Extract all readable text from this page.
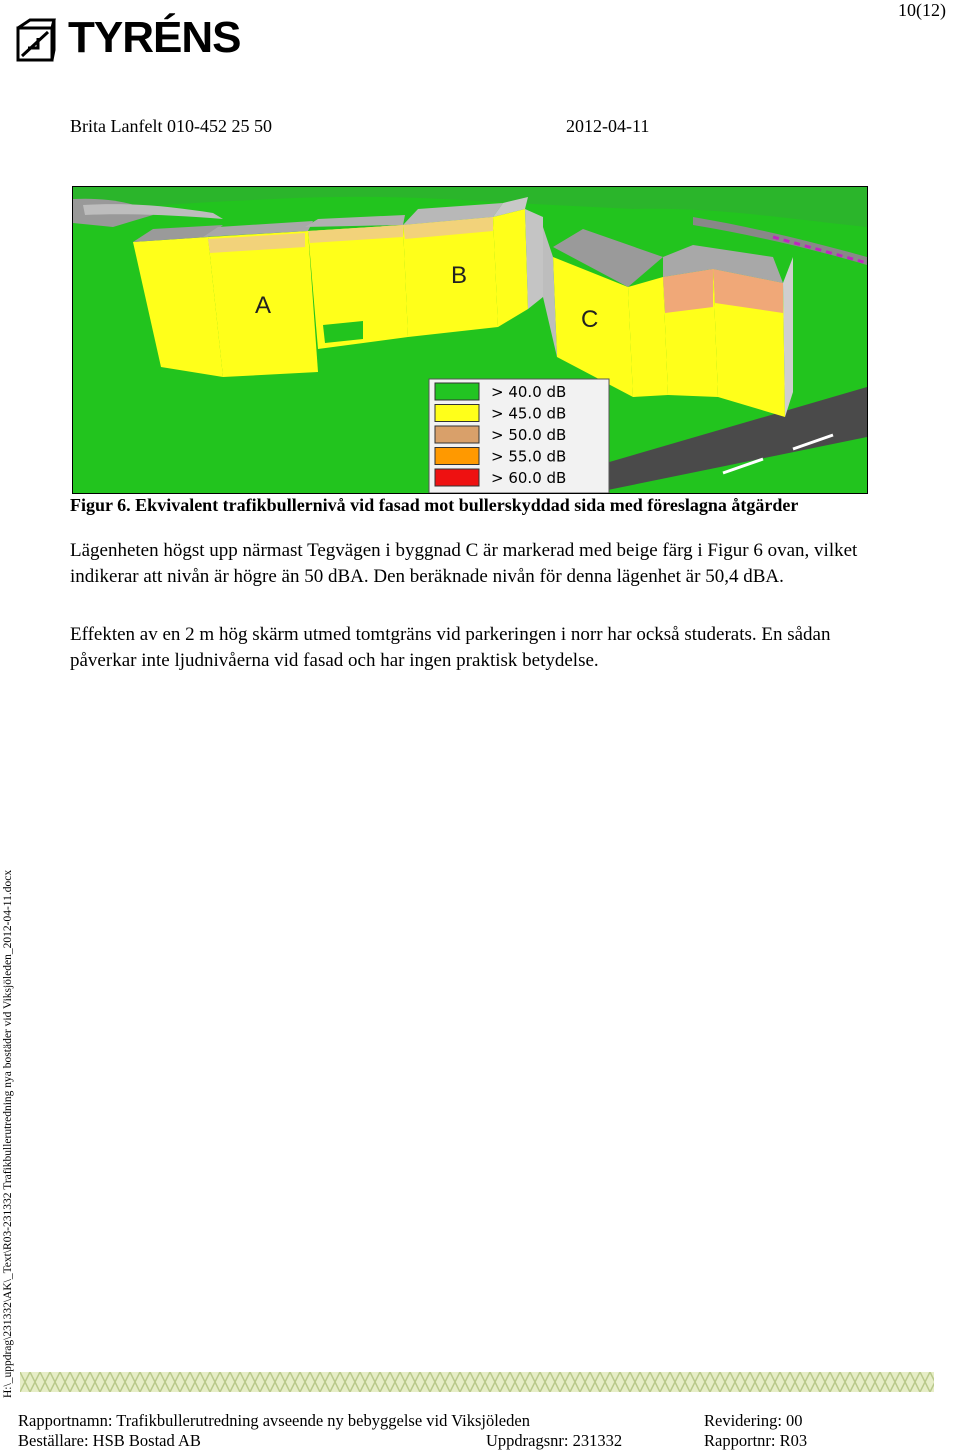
TYRÉNS
10(12)
Brita Lanfelt 010-452 25 50	2012-04-11
A
B
C
> 40.0 dB
> 45.0 dB
> 50.0 dB
> 55.0 dB
> 60.0 dB
Figur 6. Ekvivalent trafikbullernivå vid fasad mot bullerskyddad sida med föreslagna åtgärder
Lägenheten högst upp närmast Tegvägen i byggnad C är markerad med beige färg i Figur 6 ovan, vilket indikerar att nivån är högre än 50 dBA. Den beräknade nivån för denna lägenhet är 50,4 dBA.
Effekten av en 2 m hög skärm utmed tomtgräns vid parkeringen i norr har också studerats. En sådan påverkar inte ljudnivåerna vid fasad och har ingen praktisk betydelse.
H:\_uppdrag\231332\AK\_Text\R03-231332 Trafikbullerutredning nya bostäder vid Viksjöleden_2012-04-11.docx
Rapportnamn: Trafikbullerutredning avseende ny bebyggelse vid Viksjöleden	Revidering: 00
Beställare: HSB Bostad AB	Uppdragsnr: 231332	Rapportnr: R03
